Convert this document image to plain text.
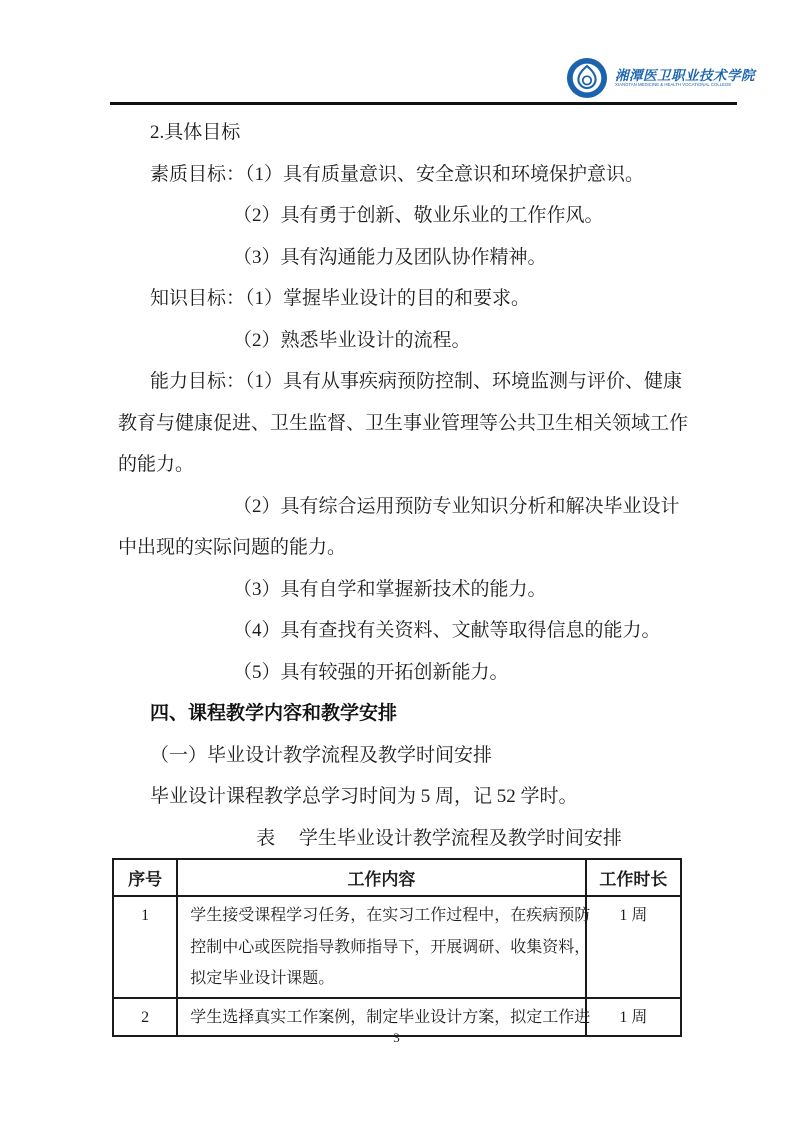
湘潭医卫职业技术学院
XIANGTAN MEDICINE & HEALTH VOCATIONAL COLLEGE
2.具体目标
素质目标：（1）具有质量意识、安全意识和环境保护意识。
（2）具有勇于创新、敬业乐业的工作作风。
（3）具有沟通能力及团队协作精神。
知识目标：（1）掌握毕业设计的目的和要求。
（2）熟悉毕业设计的流程。
能力目标：（1）具有从事疾病预防控制、环境监测与评价、健康
教育与健康促进、卫生监督、卫生事业管理等公共卫生相关领域工作
的能力。
（2）具有综合运用预防专业知识分析和解决毕业设计
中出现的实际问题的能力。
（3）具有自学和掌握新技术的能力。
（4）具有查找有关资料、文献等取得信息的能力。
（5）具有较强的开拓创新能力。
四、课程教学内容和教学安排
（一）毕业设计教学流程及教学时间安排
毕业设计课程教学总学习时间为 5 周，记 52 学时。
表　 学生毕业设计教学流程及教学时间安排
序号	工作内容	工作时长
1	学生接受课程学习任务，在实习工作过程中，在疾病预防
控制中心或医院指导教师指导下，开展调研、收集资料，
拟定毕业设计课题。	1 周
2	学生选择真实工作案例，制定毕业设计方案，拟定工作进	1 周
3
